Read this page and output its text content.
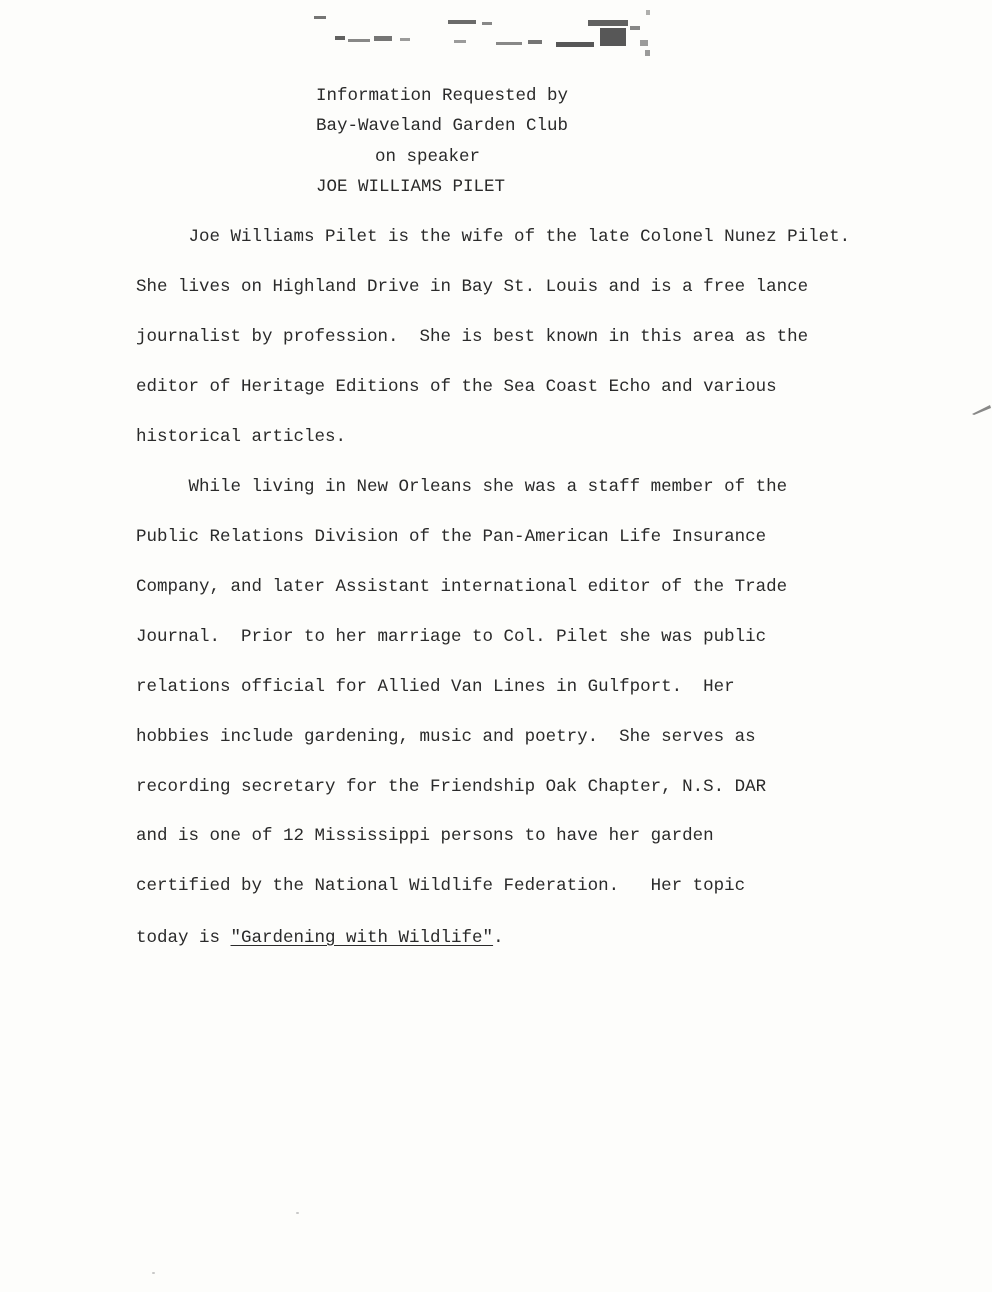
Information Requested by
Bay-Waveland Garden Club
on speaker
JOE WILLIAMS PILET
Joe Williams Pilet is the wife of the late Colonel Nunez Pilet.
She lives on Highland Drive in Bay St. Louis and is a free lance
journalist by profession.  She is best known in this area as the
editor of Heritage Editions of the Sea Coast Echo and various
historical articles.
While living in New Orleans she was a staff member of the
Public Relations Division of the Pan-American Life Insurance
Company, and later Assistant international editor of the Trade
Journal.  Prior to her marriage to Col. Pilet she was public
relations official for Allied Van Lines in Gulfport.  Her
hobbies include gardening, music and poetry.  She serves as
recording secretary for the Friendship Oak Chapter, N.S. DAR
and is one of 12 Mississippi persons to have her garden
certified by the National Wildlife Federation.   Her topic
today is "Gardening with Wildlife".
